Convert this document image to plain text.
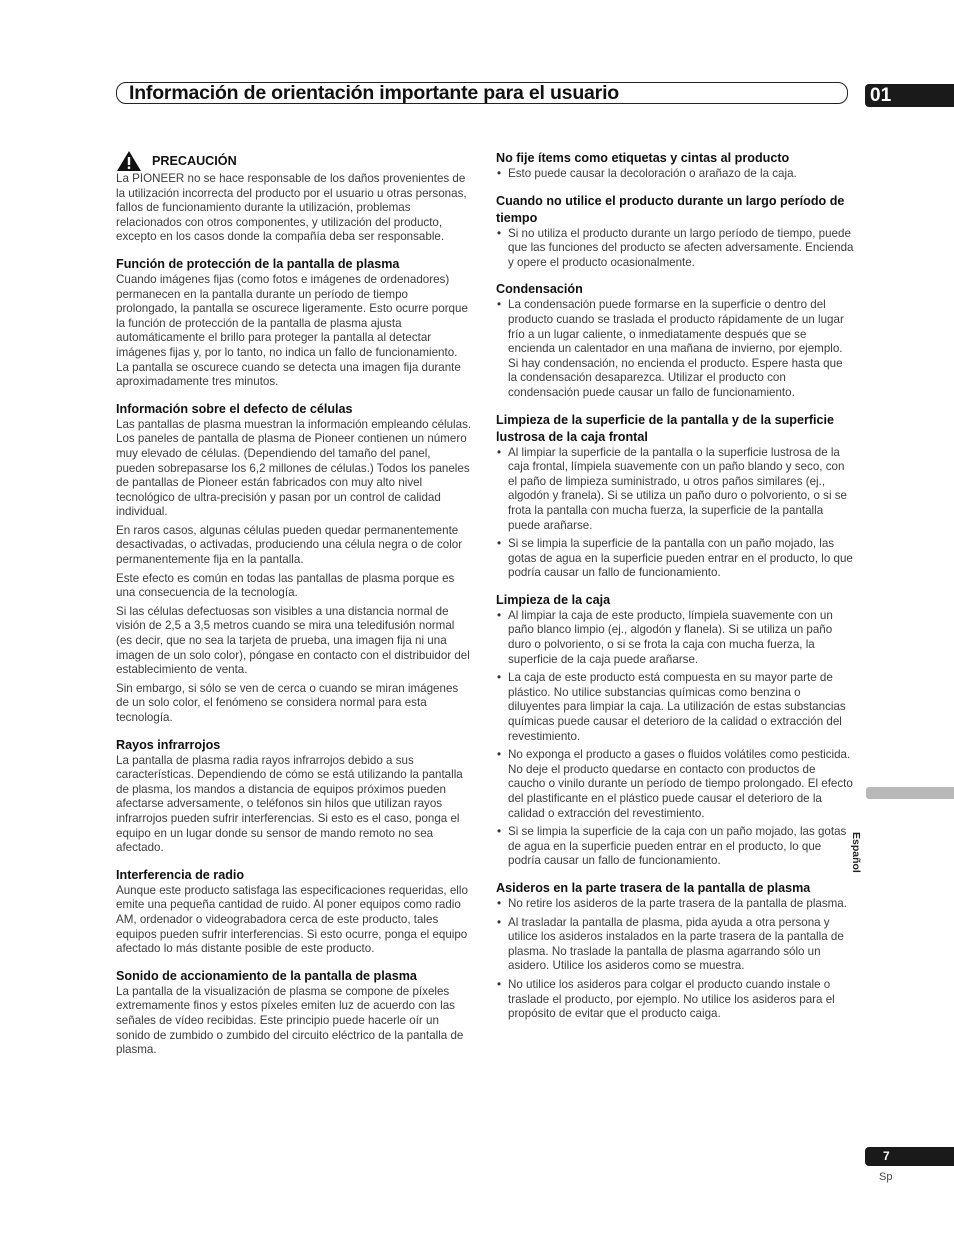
Información de orientación importante para el usuario	01
PRECAUCIÓN

La PIONEER no se hace responsable de los daños provenientes de la utilización incorrecta del producto por el usuario u otras personas, fallos de funcionamiento durante la utilización, problemas relacionados con otros componentes, y utilización del producto, excepto en los casos donde la compañía deba ser responsable.

Función de protección de la pantalla de plasma

Cuando imágenes fijas (como fotos e imágenes de ordenadores) permanecen en la pantalla durante un período de tiempo prolongado, la pantalla se oscurece ligeramente. Esto ocurre porque la función de protección de la pantalla de plasma ajusta automáticamente el brillo para proteger la pantalla al detectar imágenes fijas y, por lo tanto, no indica un fallo de funcionamiento. La pantalla se oscurece cuando se detecta una imagen fija durante aproximadamente tres minutos.

Información sobre el defecto de células

Las pantallas de plasma muestran la información empleando células. Los paneles de pantalla de plasma de Pioneer contienen un número muy elevado de células. (Dependiendo del tamaño del panel, pueden sobrepasarse los 6,2 millones de células.) Todos los paneles de pantallas de Pioneer están fabricados con muy alto nivel tecnológico de ultra-precisión y pasan por un control de calidad individual.

En raros casos, algunas células pueden quedar permanentemente desactivadas, o activadas, produciendo una célula negra o de color permanentemente fija en la pantalla.

Este efecto es común en todas las pantallas de plasma porque es una consecuencia de la tecnología.

Si las células defectuosas son visibles a una distancia normal de visión de 2,5 a 3,5 metros cuando se mira una teledifusión normal (es decir, que no sea la tarjeta de prueba, una imagen fija ni una imagen de un solo color), póngase en contacto con el distribuidor del establecimiento de venta.

Sin embargo, si sólo se ven de cerca o cuando se miran imágenes de un solo color, el fenómeno se considera normal para esta tecnología.

Rayos infrarrojos

La pantalla de plasma radia rayos infrarrojos debido a sus características. Dependiendo de cómo se está utilizando la pantalla de plasma, los mandos a distancia de equipos próximos pueden afectarse adversamente, o teléfonos sin hilos que utilizan rayos infrarrojos pueden sufrir interferencias. Si esto es el caso, ponga el equipo en un lugar donde su sensor de mando remoto no sea afectado.

Interferencia de radio

Aunque este producto satisfaga las especificaciones requeridas, ello emite una pequeña cantidad de ruido. Al poner equipos como radio AM, ordenador o videograbadora cerca de este producto, tales equipos pueden sufrir interferencias. Si esto ocurre, ponga el equipo afectado lo más distante posible de este producto.

Sonido de accionamiento de la pantalla de plasma

La pantalla de la visualización de plasma se compone de píxeles extremamente finos y estos píxeles emiten luz de acuerdo con las señales de vídeo recibidas. Este principio puede hacerle oír un sonido de zumbido o zumbido del circuito eléctrico de la pantalla de plasma.

No fije ítems como etiquetas y cintas al producto

• Esto puede causar la decoloración o arañazo de la caja.

Cuando no utilice el producto durante un largo período de tiempo

• Si no utiliza el producto durante un largo período de tiempo, puede que las funciones del producto se afecten adversamente. Encienda y opere el producto ocasionalmente.

Condensación

• La condensación puede formarse en la superficie o dentro del producto cuando se traslada el producto rápidamente de un lugar frío a un lugar caliente, o inmediatamente después que se encienda un calentador en una mañana de invierno, por ejemplo. Si hay condensación, no encienda el producto. Espere hasta que la condensación desaparezca. Utilizar el producto con condensación puede causar un fallo de funcionamiento.

Limpieza de la superficie de la pantalla y de la superficie lustrosa de la caja frontal

• Al limpiar la superficie de la pantalla o la superficie lustrosa de la caja frontal, límpiela suavemente con un paño blando y seco, con el paño de limpieza suministrado, u otros paños similares (ej., algodón y franela). Si se utiliza un paño duro o polvoriento, o si se frota la pantalla con mucha fuerza, la superficie de la pantalla puede arañarse.
• Si se limpia la superficie de la pantalla con un paño mojado, las gotas de agua en la superficie pueden entrar en el producto, lo que podría causar un fallo de funcionamiento.

Limpieza de la caja

• Al limpiar la caja de este producto, límpiela suavemente con un paño blanco limpio (ej., algodón y flanela). Si se utiliza un paño duro o polvoriento, o si se frota la caja con mucha fuerza, la superficie de la caja puede arañarse.
• La caja de este producto está compuesta en su mayor parte de plástico. No utilice substancias químicas como benzina o diluyentes para limpiar la caja. La utilización de estas substancias químicas puede causar el deterioro de la calidad o extracción del revestimiento.
• No exponga el producto a gases o fluidos volátiles como pesticida. No deje el producto quedarse en contacto con productos de caucho o vinilo durante un período de tiempo prolongado. El efecto del plastificante en el plástico puede causar el deterioro de la calidad o extracción del revestimiento.
• Si se limpia la superficie de la caja con un paño mojado, las gotas de agua en la superficie pueden entrar en el producto, lo que podría causar un fallo de funcionamiento.

Asideros en la parte trasera de la pantalla de plasma

• No retire los asideros de la parte trasera de la pantalla de plasma.
• Al trasladar la pantalla de plasma, pida ayuda a otra persona y utilice los asideros instalados en la parte trasera de la pantalla de plasma. No traslade la pantalla de plasma agarrando sólo un asidero. Utilice los asideros como se muestra.
• No utilice los asideros para colgar el producto cuando instale o traslade el producto, por ejemplo. No utilice los asideros para el propósito de evitar que el producto caiga.
Español
7
Sp
